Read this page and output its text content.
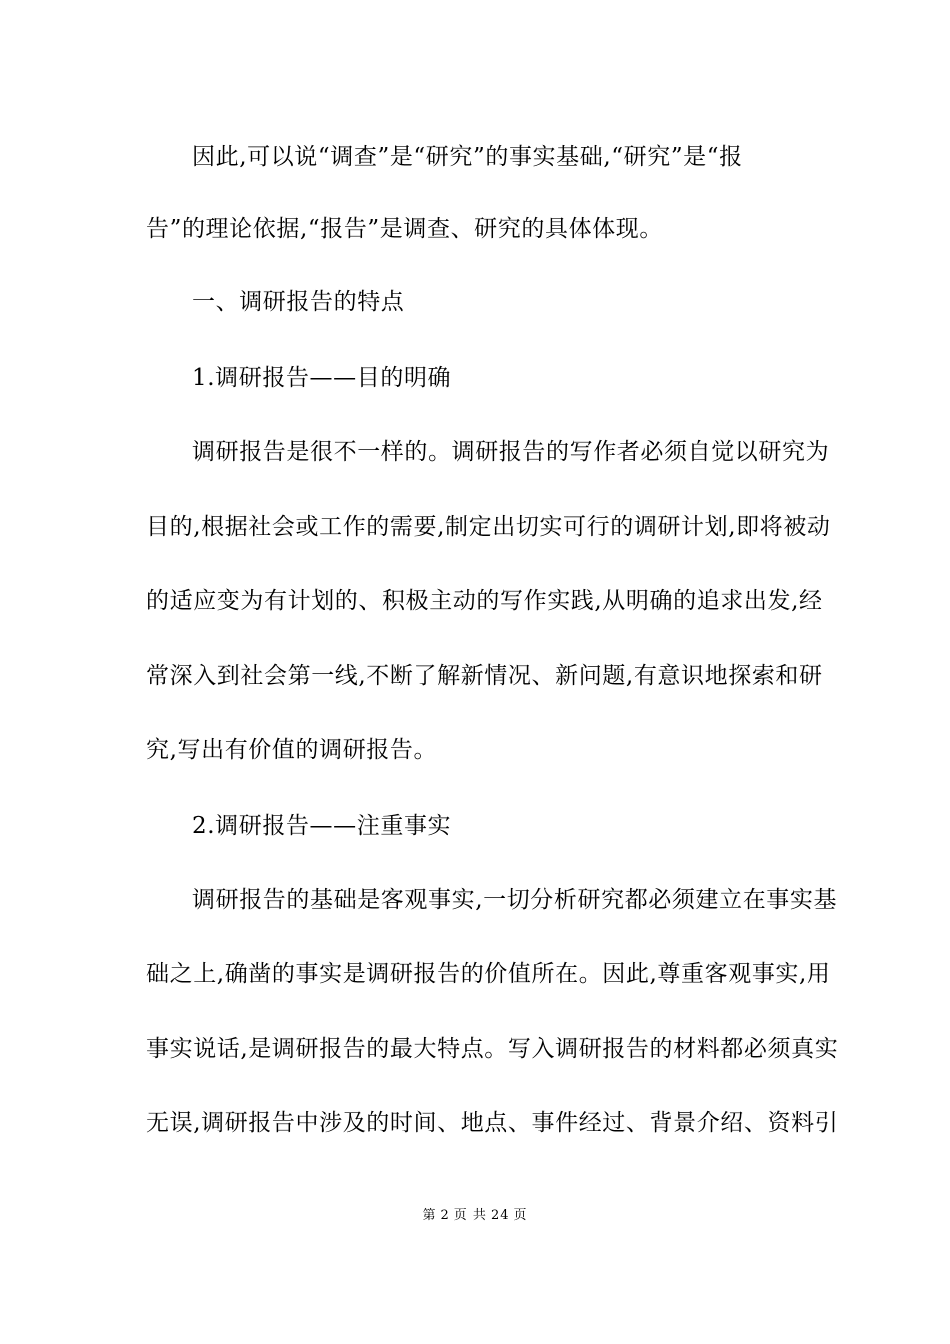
因此,可以说“调查”是“研究”的事实基础,“研究”是“报
告”的理论依据,“报告”是调查、研究的具体体现。
一、调研报告的特点
1.调研报告——目的明确
调研报告是很不一样的。调研报告的写作者必须自觉以研究为
目的,根据社会或工作的需要,制定出切实可行的调研计划,即将被动
的适应变为有计划的、积极主动的写作实践,从明确的追求出发,经
常深入到社会第一线,不断了解新情况、新问题,有意识地探索和研
究,写出有价值的调研报告。
2.调研报告——注重事实
调研报告的基础是客观事实,一切分析研究都必须建立在事实基
础之上,确凿的事实是调研报告的价值所在。因此,尊重客观事实,用
事实说话,是调研报告的最大特点。写入调研报告的材料都必须真实
无误,调研报告中涉及的时间、地点、事件经过、背景介绍、资料引
第 2 页 共 24 页
